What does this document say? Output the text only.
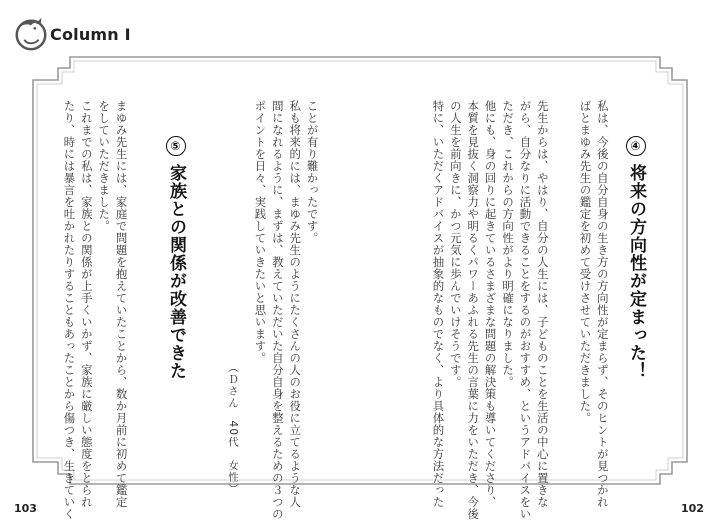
Column I
④将来の方向性が定まった！
私は、今後の自分自身の生き方の方向性が定まらず、そのヒントが見つかれ
ばとまゆみ先生の鑑定を初めて受けさせていただきました。
先生からは、やはり、自分の人生には、子どものことを生活の中心に置きな
がら、自分なりに活動できることをするのがおすすめ、というアドバイスをい
ただき、これからの方向性がより明確になりました。
他にも、身の回りに起きているさまざまな問題の解決策も導いてくださり、
本質を見抜く洞察力や明るくパワーあふれる先生の言葉に力をいただき、今後
の人生を前向きに、かつ元気に歩んでいけそうです。
特に、いただくアドバイスが抽象的なものでなく、より具体的な方法だった
ことが有り難かったです。
私も将来的には、まゆみ先生のようにたくさんの人のお役に立てるような人
間になれるように、まずは、教えていただいた自分自身を整えるための３つの
ポイントを日々、実践していきたいと思います。
（Ｄさん　40代　女性）
⑤家族との関係が改善できた
まゆみ先生には、家庭で問題を抱えていたことから、数か月前に初めて鑑定
をしていただきました。
これまでの私は、家族との関係が上手くいかず、家族に厳しい態度をとられ
たり、時には暴言を吐かれたりすることもあったことから傷つき、生きていく
103	102
